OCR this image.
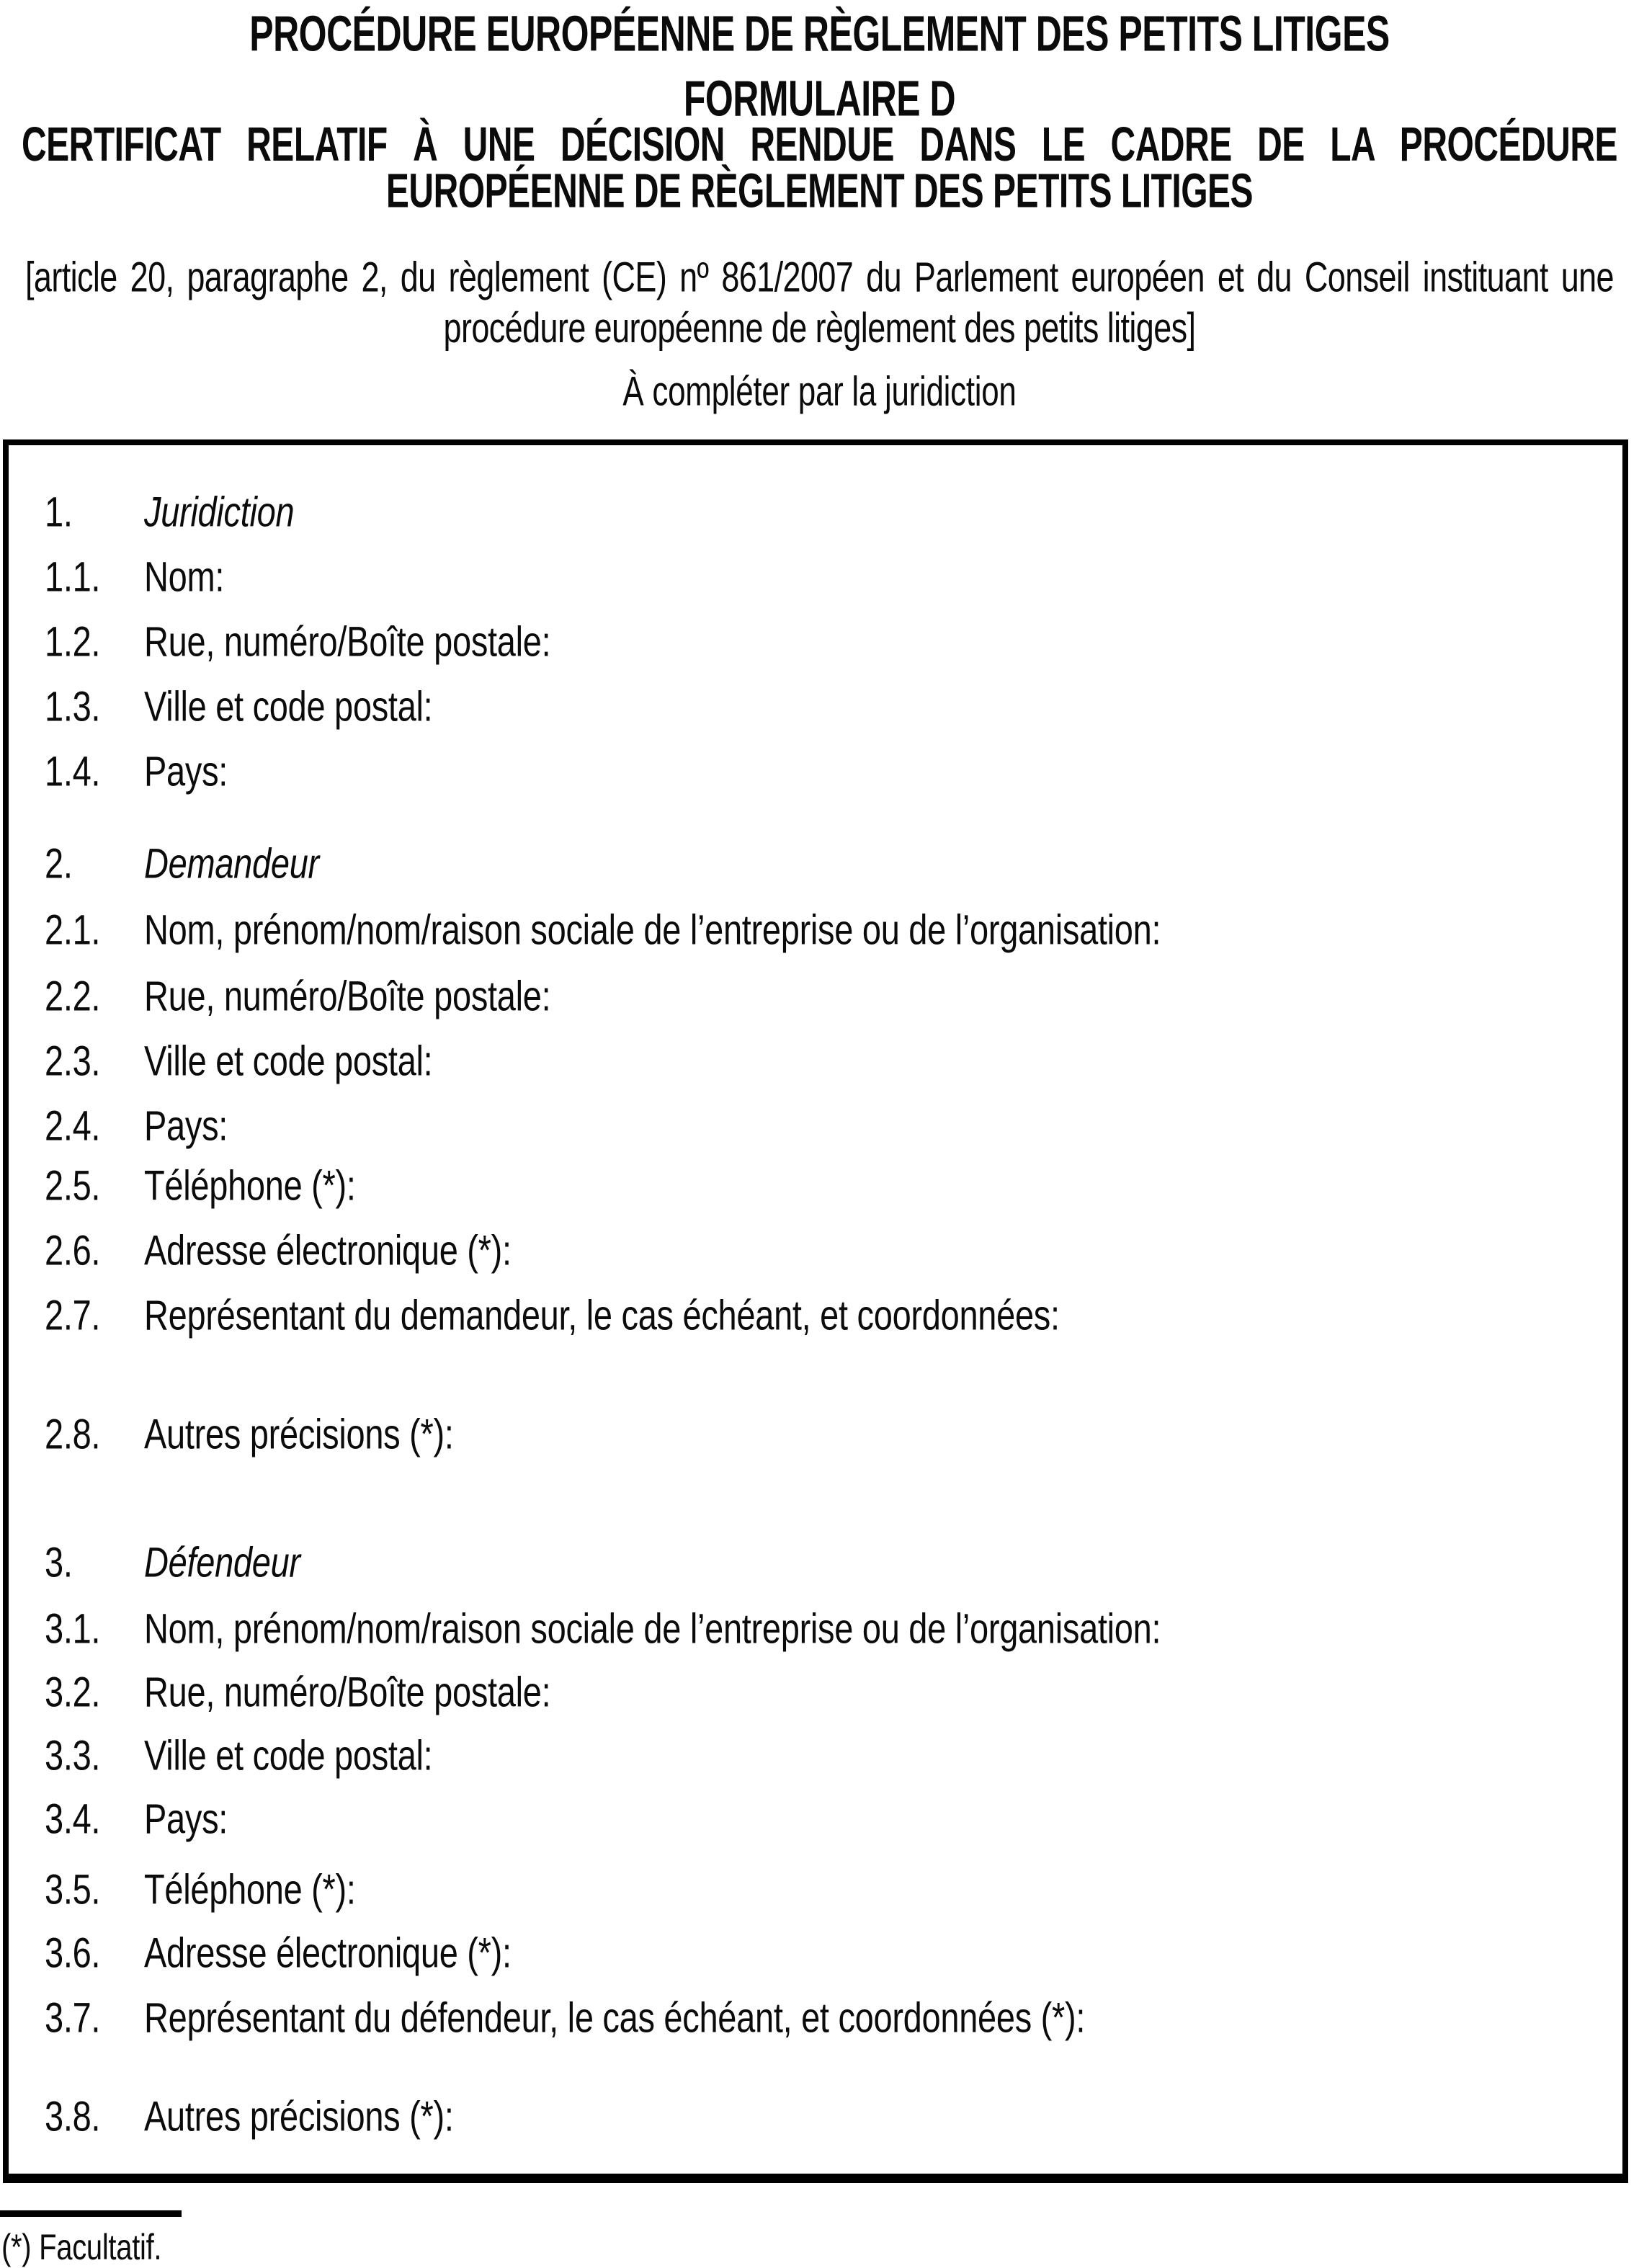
PROCÉDURE EUROPÉENNE DE RÈGLEMENT DES PETITS LITIGES
FORMULAIRE D
CERTIFICAT RELATIF À UNE DÉCISION RENDUE DANS LE CADRE DE LA PROCÉDURE EUROPÉENNE DE RÈGLEMENT DES PETITS LITIGES
[article 20, paragraphe 2, du règlement (CE) nº 861/2007 du Parlement européen et du Conseil instituant une procédure européenne de règlement des petits litiges]
À compléter par la juridiction
1.	Juridiction
1.1.	Nom:
1.2.	Rue, numéro/Boîte postale:
1.3.	Ville et code postal:
1.4.	Pays:
2.	Demandeur
2.1.	Nom, prénom/nom/raison sociale de l’entreprise ou de l’organisation:
2.2.	Rue, numéro/Boîte postale:
2.3.	Ville et code postal:
2.4.	Pays:
2.5.	Téléphone (*):
2.6.	Adresse électronique (*):
2.7.	Représentant du demandeur, le cas échéant, et coordonnées:
2.8.	Autres précisions (*):
3.	Défendeur
3.1.	Nom, prénom/nom/raison sociale de l’entreprise ou de l’organisation:
3.2.	Rue, numéro/Boîte postale:
3.3.	Ville et code postal:
3.4.	Pays:
3.5.	Téléphone (*):
3.6.	Adresse électronique (*):
3.7.	Représentant du défendeur, le cas échéant, et coordonnées (*):
3.8.	Autres précisions (*):
(*) Facultatif.
